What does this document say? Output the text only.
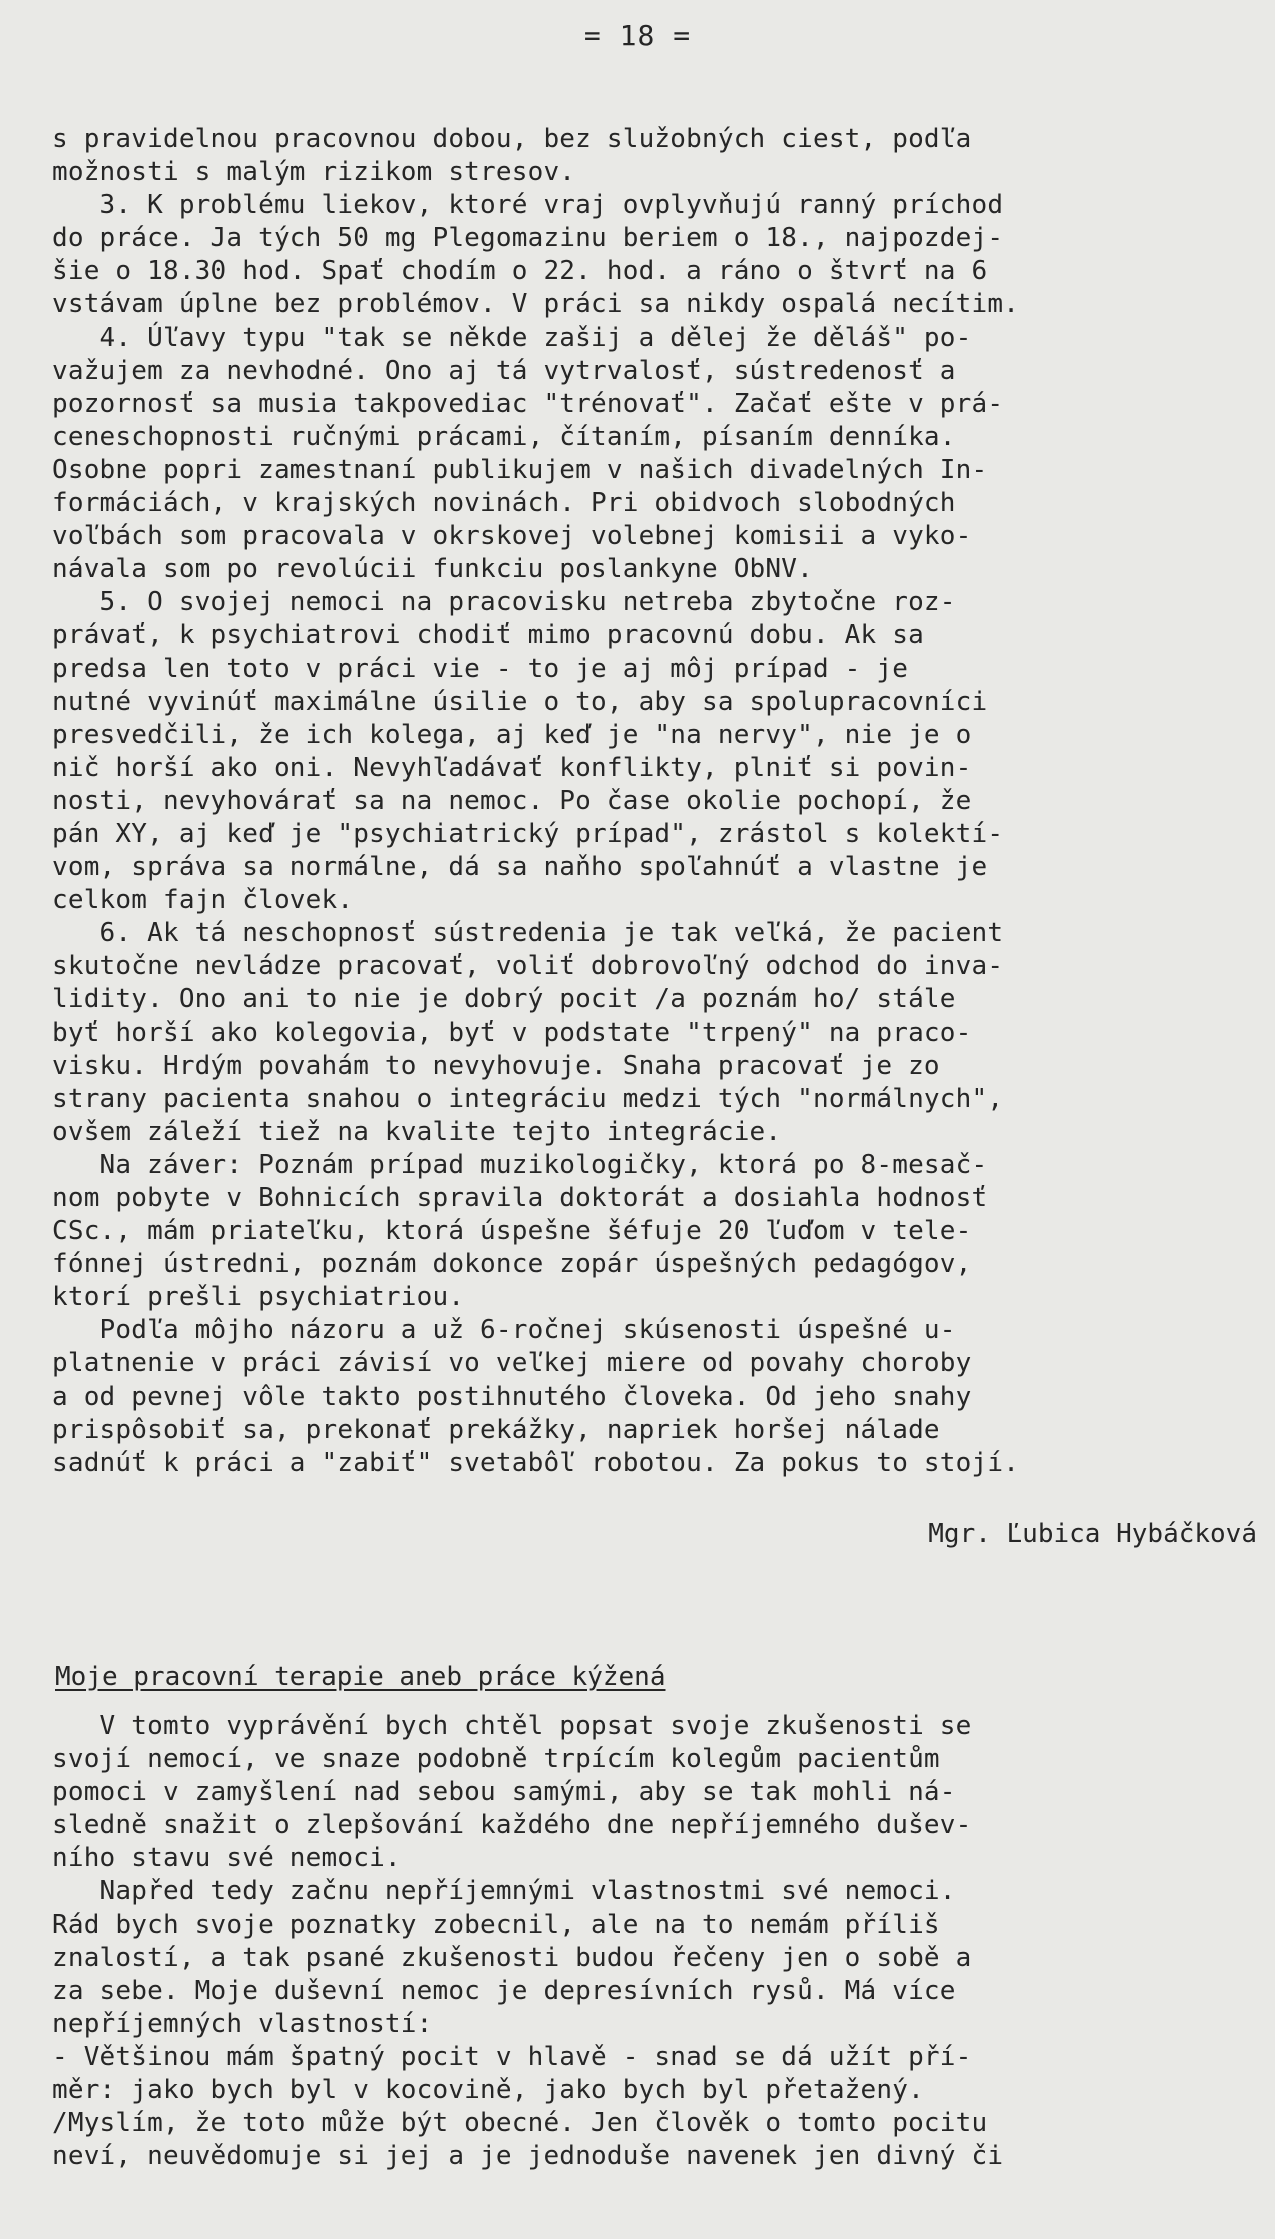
= 18 =

s pravidelnou pracovnou dobou, bez služobných ciest, podľa

možnosti s malým rizikom stresov.

3. K problému liekov, ktoré vraj ovplyvňujú ranný príchod

do práce. Ja tých 50 mg Plegomazinu beriem o 18., najpozdej-

šie o 18.30 hod. Spať chodím o 22. hod. a ráno o štvrť na 6

vstávam úplne bez problémov. V práci sa nikdy ospalá necítim.

4. Úľavy typu "tak se někde zašij a dělej že děláš" po-

važujem za nevhodné. Ono aj tá vytrvalosť, sústredenosť a

pozornosť sa musia takpovediac "trénovať". Začať ešte v prá-

ceneschopnosti ručnými prácami, čítaním, písaním denníka.

Osobne popri zamestnaní publikujem v našich divadelných In-

formáciách, v krajských novinách. Pri obidvoch slobodných

voľbách som pracovala v okrskovej volebnej komisii a vyko-

návala som po revolúcii funkciu poslankyne ObNV.

5. O svojej nemoci na pracovisku netreba zbytočne roz-

právať, k psychiatrovi chodiť mimo pracovnú dobu. Ak sa

predsa len toto v práci vie - to je aj môj prípad - je

nutné vyvinúť maximálne úsilie o to, aby sa spolupracovníci

presvedčili, že ich kolega, aj keď je "na nervy", nie je o

nič horší ako oni. Nevyhľadávať konflikty, plniť si povin-

nosti, nevyhovárať sa na nemoc. Po čase okolie pochopí, že

pán XY, aj keď je "psychiatrický prípad", zrástol s kolektí-

vom, správa sa normálne, dá sa naňho spoľahnúť a vlastne je

celkom fajn človek.

6. Ak tá neschopnosť sústredenia je tak veľká, že pacient

skutočne nevládze pracovať, voliť dobrovoľný odchod do inva-

lidity. Ono ani to nie je dobrý pocit /a poznám ho/ stále

byť horší ako kolegovia, byť v podstate "trpený" na praco-

visku. Hrdým povahám to nevyhovuje. Snaha pracovať je zo

strany pacienta snahou o integráciu medzi tých "normálnych",

ovšem záleží tiež na kvalite tejto integrácie.

Na záver: Poznám prípad muzikologičky, ktorá po 8-mesač-

nom pobyte v Bohnicích spravila doktorát a dosiahla hodnosť

CSc., mám priateľku, ktorá úspešne šéfuje 20 ľuďom v tele-

fónnej ústredni, poznám dokonce zopár úspešných pedagógov,

ktorí prešli psychiatriou.

Podľa môjho názoru a už 6-ročnej skúsenosti úspešné u-

platnenie v práci závisí vo veľkej miere od povahy choroby

a od pevnej vôle takto postihnutého človeka. Od jeho snahy

prispôsobiť sa, prekonať prekážky, napriek horšej nálade

sadnúť k práci a "zabiť" svetabôľ robotou. Za pokus to stojí.

Mgr. Ľubica Hybáčková
Moje pracovní terapie aneb práce kýžená

V tomto vyprávění bych chtěl popsat svoje zkušenosti se

svojí nemocí, ve snaze podobně trpícím kolegům pacientům

pomoci v zamyšlení nad sebou samými, aby se tak mohli ná-

sledně snažit o zlepšování každého dne nepříjemného dušev-

ního stavu své nemoci.

Napřed tedy začnu nepříjemnými vlastnostmi své nemoci.

Rád bych svoje poznatky zobecnil, ale na to nemám příliš

znalostí, a tak psané zkušenosti budou řečeny jen o sobě a

za sebe. Moje duševní nemoc je depresívních rysů. Má více

nepříjemných vlastností:

- Většinou mám špatný pocit v hlavě - snad se dá užít pří-

měr: jako bych byl v kocovině, jako bych byl přetažený.

/Myslím, že toto může být obecné. Jen člověk o tomto pocitu

neví, neuvědomuje si jej a je jednoduše navenek jen divný či
